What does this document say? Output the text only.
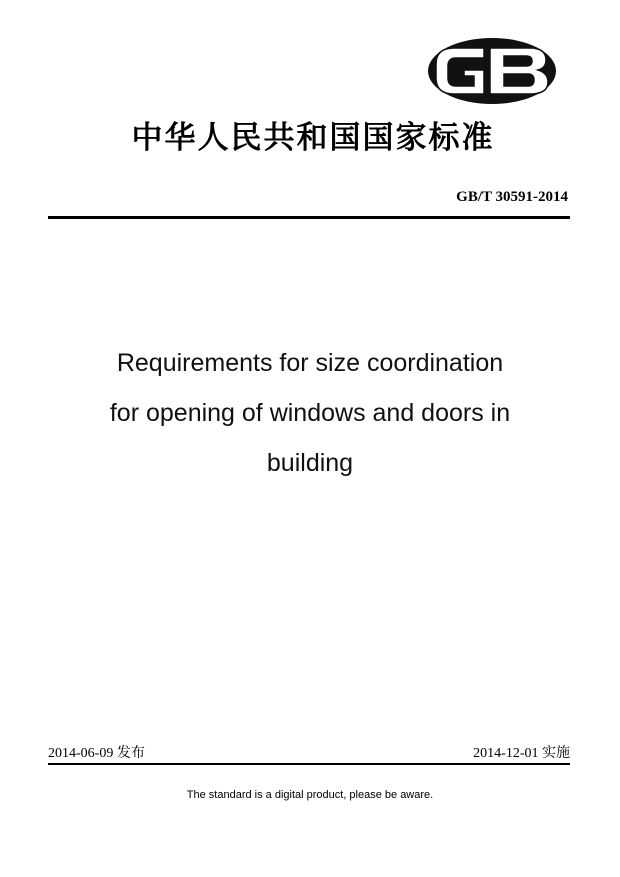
中华人民共和国国家标准
GB/T 30591-2014
Requirements for size coordination
for opening of windows and doors in
building
2014-06-09 发布	2014-12-01 实施
The standard is a digital product, please be aware.
